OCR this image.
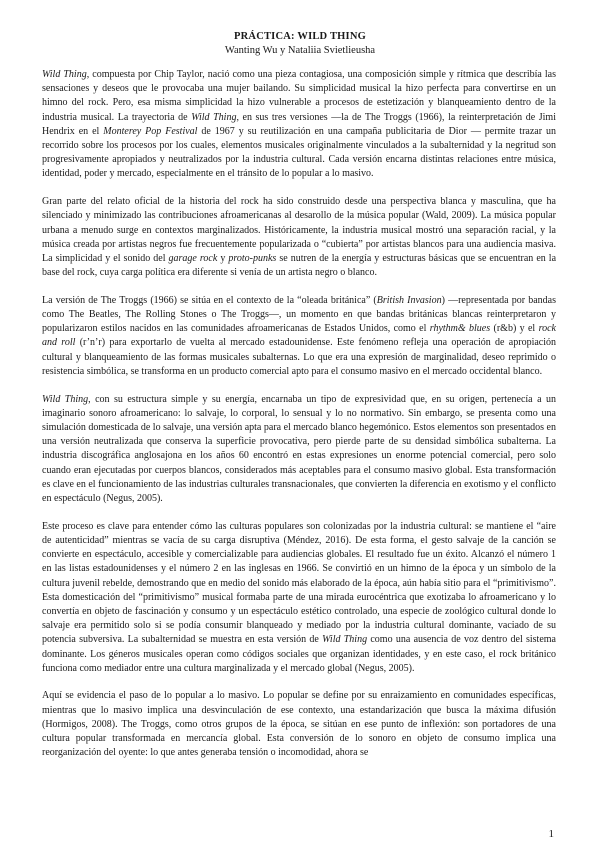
PRÁCTICA: WILD THING
Wanting Wu y Nataliia Svietlieusha

Wild Thing, compuesta por Chip Taylor, nació como una pieza contagiosa, una composición simple y rítmica que describía las sensaciones y deseos que le provocaba una mujer bailando. Su simplicidad musical la hizo perfecta para convertirse en un himno del rock. Pero, esa misma simplicidad la hizo vulnerable a procesos de estetización y blanqueamiento dentro de la industria musical. La trayectoria de Wild Thing, en sus tres versiones —la de The Troggs (1966), la reinterpretación de Jimi Hendrix en el Monterey Pop Festival de 1967 y su reutilización en una campaña publicitaria de Dior — permite trazar un recorrido sobre los procesos por los cuales, elementos musicales originalmente vinculados a la subalternidad y la negritud son progresivamente apropiados y neutralizados por la industria cultural. Cada versión encarna distintas relaciones entre música, identidad, poder y mercado, especialmente en el tránsito de lo popular a lo masivo.

Gran parte del relato oficial de la historia del rock ha sido construido desde una perspectiva blanca y masculina, que ha silenciado y minimizado las contribuciones afroamericanas al desarollo de la música popular (Wald, 2009). La música popular urbana a menudo surge en contextos marginalizados. Históricamente, la industria musical mostró una separación racial, y la música creada por artistas negros fue frecuentemente popularizada o “cubierta” por artistas blancos para una audiencia masiva. La simplicidad y el sonido del garage rock y proto-punks se nutren de la energía y estructuras básicas que se encuentran en la base del rock, cuya carga política era diferente si venía de un artista negro o blanco.

La versión de The Troggs (1966) se sitúa en el contexto de la “oleada británica” (British Invasion) —representada por bandas como The Beatles, The Rolling Stones o The Troggs—, un momento en que bandas británicas blancas reinterpretaron y popularizaron estilos nacidos en las comunidades afroamericanas de Estados Unidos, como el rhythm& blues (r&b) y el rock and roll (r’n’r) para exportarlo de vuelta al mercado estadounidense. Este fenómeno refleja una operación de apropiación cultural y blanqueamiento de las formas musicales subalternas. Lo que era una expresión de marginalidad, deseo reprimido o resistencia simbólica, se transforma en un producto comercial apto para el consumo masivo en el mercado occidental blanco.

Wild Thing, con su estructura simple y su energía, encarnaba un tipo de expresividad que, en su origen, pertenecía a un imaginario sonoro afroamericano: lo salvaje, lo corporal, lo sensual y lo no normativo. Sin embargo, se presenta como una simulación domesticada de lo salvaje, una versión apta para el mercado blanco hegemónico. Estos elementos son presentados en una versión neutralizada que conserva la superficie provocativa, pero pierde parte de su densidad simbólica subalterna. La industria discográfica anglosajona en los años 60 encontró en estas expresiones un enorme potencial comercial, pero solo cuando eran ejecutadas por cuerpos blancos, considerados más aceptables para el consumo masivo global. Esta transformación es clave en el funcionamiento de las industrias culturales transnacionales, que convierten la diferencia en exotismo y el conflicto en espectáculo (Negus, 2005).

Este proceso es clave para entender cómo las culturas populares son colonizadas por la industria cultural: se mantiene el “aire de autenticidad” mientras se vacía de su carga disruptiva (Méndez, 2016). De esta forma, el gesto salvaje de la canción se convierte en espectáculo, accesible y comercializable para audiencias globales. El resultado fue un éxito. Alcanzó el número 1 en las listas estadounidenses y el número 2 en las inglesas en 1966. Se convirtió en un himno de la época y un símbolo de la cultura juvenil rebelde, demostrando que en medio del sonido más elaborado de la época, aún había sitio para el “primitivismo”. Esta domesticación del “primitivismo” musical formaba parte de una mirada eurocéntrica que exotizaba lo afroamericano y lo convertía en objeto de fascinación y consumo y un espectáculo estético controlado, una especie de zoológico cultural donde lo salvaje era permitido solo si se podía consumir blanqueado y mediado por la industria cultural dominante, vaciado de su potencia subversiva. La subalternidad se muestra en esta versión de Wild Thing como una ausencia de voz dentro del sistema dominante. Los géneros musicales operan como códigos sociales que organizan identidades, y en este caso, el rock británico funciona como mediador entre una cultura marginalizada y el mercado global (Negus, 2005).

Aquí se evidencia el paso de lo popular a lo masivo. Lo popular se define por su enraizamiento en comunidades específicas, mientras que lo masivo implica una desvinculación de ese contexto, una estandarización que busca la máxima difusión (Hormigos, 2008). The Troggs, como otros grupos de la época, se sitúan en ese punto de inflexión: son portadores de una cultura popular transformada en mercancía global. Esta conversión de lo sonoro en objeto de consumo implica una reorganización del oyente: lo que antes generaba tensión o incomodidad, ahora se

1
